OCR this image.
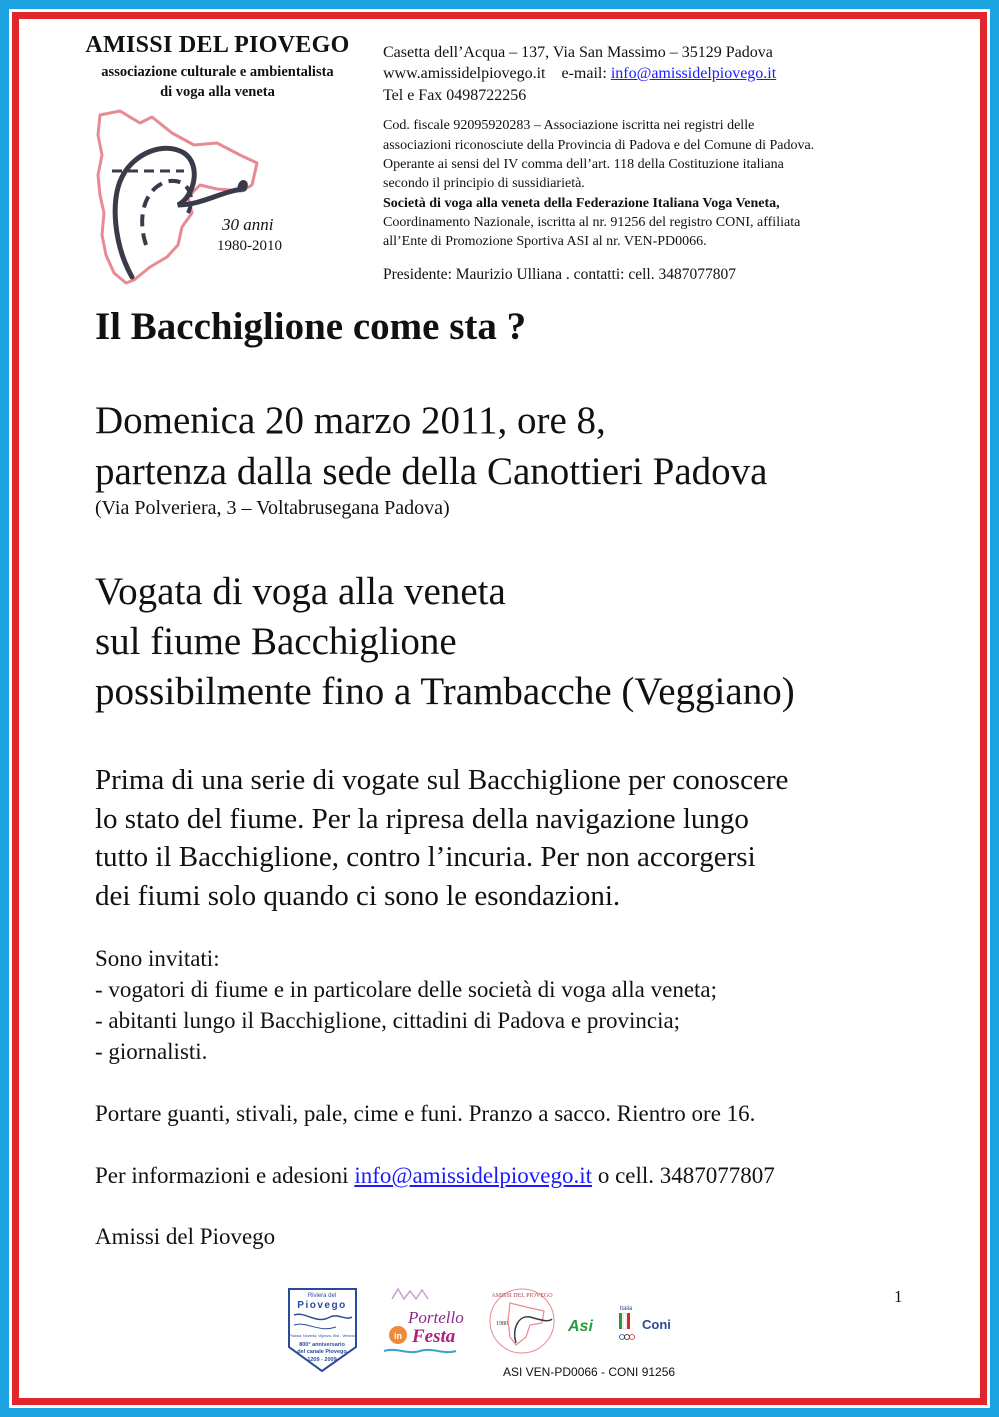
AMISSI DEL PIOVEGO
associazione culturale e ambientalista
di voga alla veneta
30 anni
1980-2010
Casetta dell’Acqua – 137, Via San Massimo – 35129 Padova
www.amissidelpiovego.it e-mail: info@amissidelpiovego.it
Tel e Fax 0498722256
Cod. fiscale 92095920283 – Associazione iscritta nei registri delle
associazioni riconosciute della Provincia di Padova e del Comune di Padova.
Operante ai sensi del IV comma dell’art. 118 della Costituzione italiana
secondo il principio di sussidiarietà.
Società di voga alla veneta della Federazione Italiana Voga Veneta,
Coordinamento Nazionale, iscritta al nr. 91256 del registro CONI, affiliata
all’Ente di Promozione Sportiva ASI al nr. VEN-PD0066.
Presidente: Maurizio Ulliana . contatti: cell. 3487077807
Il Bacchiglione come sta ?
Domenica 20 marzo 2011, ore 8,
partenza dalla sede della Canottieri Padova
(Via Polveriera, 3 – Voltabrusegana Padova)
Vogata di voga alla veneta
sul fiume Bacchiglione
possibilmente fino a Trambacche (Veggiano)
Prima di una serie di vogate sul Bacchiglione per conoscere
lo stato del fiume. Per la ripresa della navigazione lungo
tutto il Bacchiglione, contro l’incuria. Per non accorgersi
dei fiumi solo quando ci sono le esondazioni.
Sono invitati:
- vogatori di fiume e in particolare delle società di voga alla veneta;
- abitanti lungo il Bacchiglione, cittadini di Padova e provincia;
- giornalisti.
Portare guanti, stivali, pale, cime e funi. Pranzo a sacco. Rientro ore 16.
Per informazioni e adesioni info@amissidelpiovego.it o cell. 3487077807
Amissi del Piovego
1
Riviera del
Piovego
Padova, Noventa, Vigonza, Strà - Venezia
800° anniversario
del canale Piovego
1209 - 2009
Portello
in Festa
AMISSI DEL PIOVEGO
1980	Asi
Italia
Coni
ASI VEN-PD0066 - CONI 91256
